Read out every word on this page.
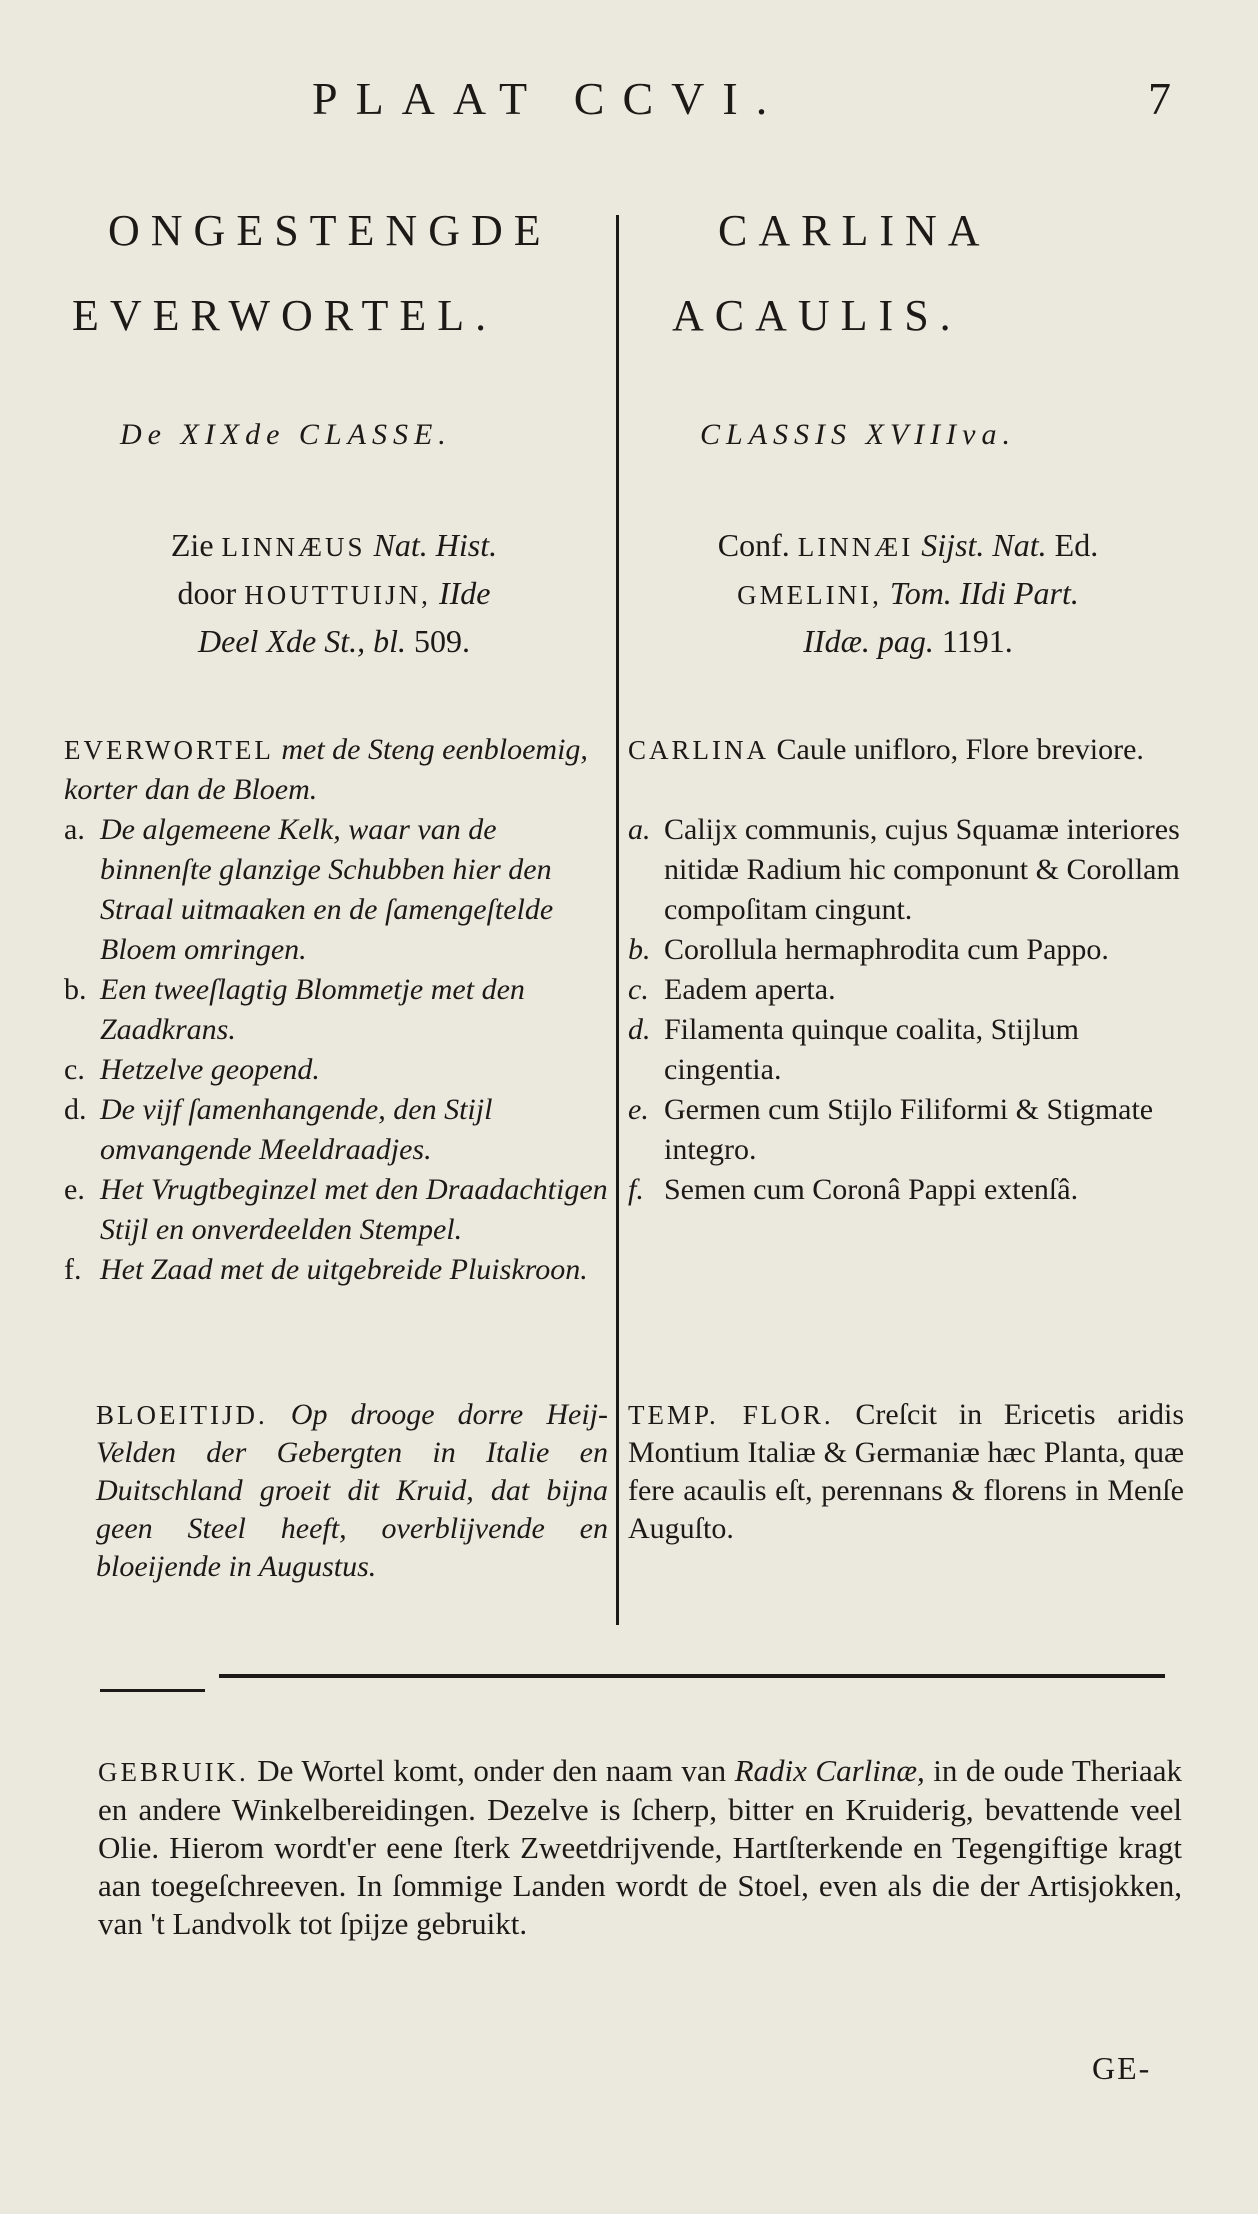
PLAAT CCVI.	7
ONGESTENGDE
EVERWORTEL.
De XIXde CLASSE.
Zie LINNÆUS Nat. Hist.
door HOUTTUIJN, IIde
Deel Xde St., bl. 509.
EVERWORTEL met de Steng eenbloemig, korter dan de Bloem.
a. De algemeene Kelk, waar van de binnenſte glanzige Schubben hier den Straal uitmaaken en de ſamengeſtelde Bloem omringen.
b. Een tweeſlagtig Blommetje met den Zaadkrans.
c. Hetzelve geopend.
d. De vijf ſamenhangende, den Stijl omvangende Meeldraadjes.
e. Het Vrugtbeginzel met den Draadachtigen Stijl en onverdeelden Stempel.
f. Het Zaad met de uitgebreide Pluiskroon.
BLOEITIJD. Op drooge dorre Heij-Velden der Gebergten in Italie en Duitschland groeit dit Kruid, dat bijna geen Steel heeft, overblijvende en bloeijende in Augustus.
CARLINA
ACAULIS.
CLASSIS XVIIIva.
Conf. LINNÆI Sijst. Nat. Ed.
GMELINI, Tom. IIdi Part.
IIdæ. pag. 1191.
CARLINA Caule unifloro, Flore breviore.
a. Calijx communis, cujus Squamæ interiores nitidæ Radium hic componunt & Corollam compoſitam cingunt.
b. Corollula hermaphrodita cum Pappo.
c. Eadem aperta.
d. Filamenta quinque coalita, Stijlum cingentia.
e. Germen cum Stijlo Filiformi & Stigmate integro.
f. Semen cum Coronâ Pappi extenſâ.
TEMP. FLOR. Creſcit in Ericetis aridis Montium Italiæ & Germaniæ hæc Planta, quæ fere acaulis eſt, perennans & florens in Menſe Auguſto.
GEBRUIK. De Wortel komt, onder den naam van Radix Carlinæ, in de oude Theriaak en andere Winkelbereidingen. Dezelve is ſcherp, bitter en Kruiderig, bevattende veel Olie. Hierom wordt'er eene ſterk Zweetdrijvende, Hartſterkende en Tegengiftige kragt aan toegeſchreeven. In ſommige Landen wordt de Stoel, even als die der Artisjokken, van 't Landvolk tot ſpijze gebruikt.
GE-
